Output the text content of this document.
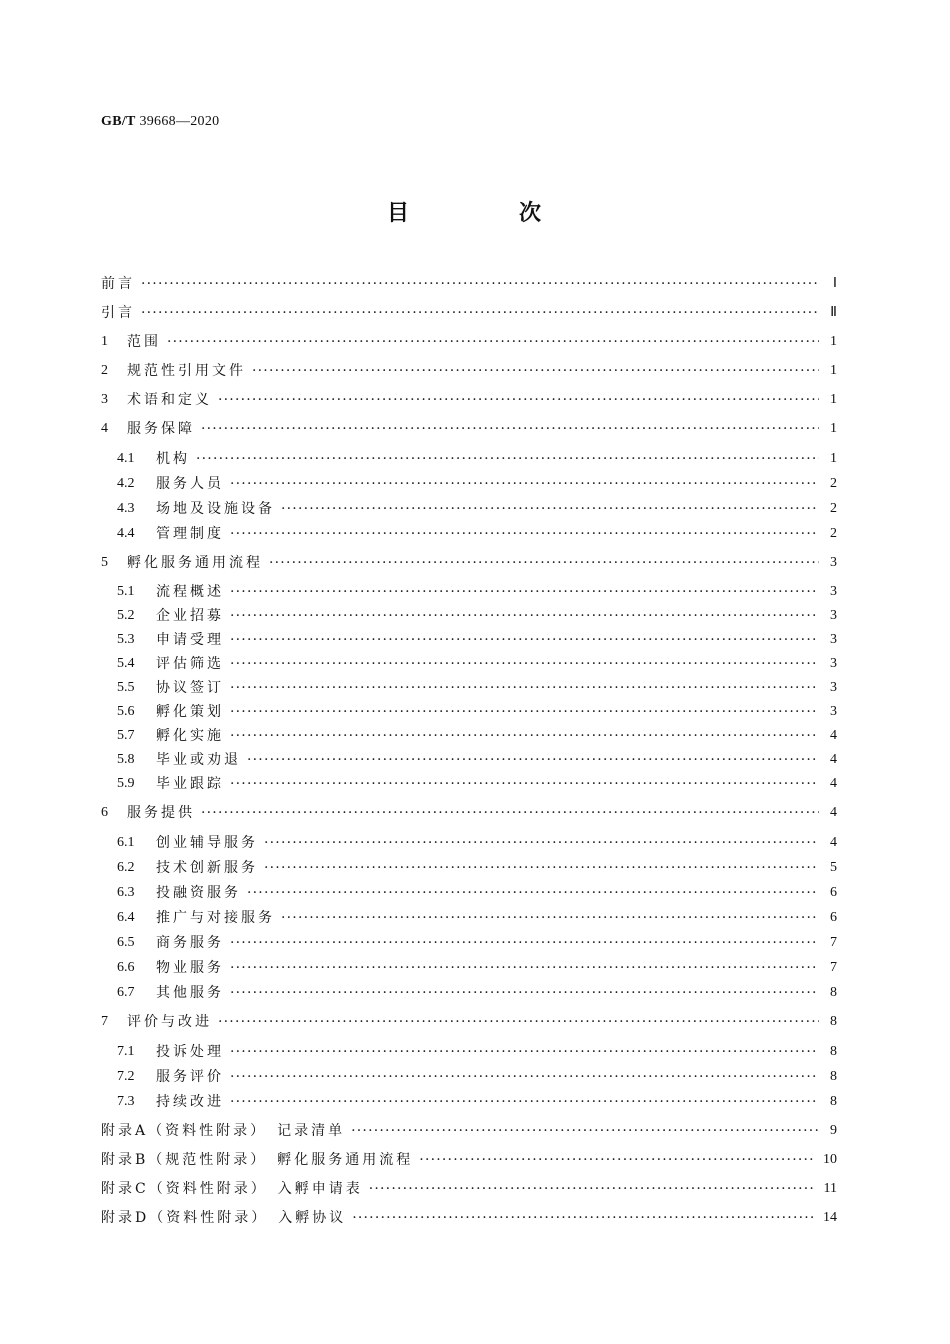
GB/T 39668—2020
目　次
前言 ·····	Ⅰ
引言 ·····	Ⅱ
1	范围 ·····	1
2	规范性引用文件 ·····	1
3	术语和定义 ·····	1
4	服务保障 ·····	1
4.1	机构 ·····	1
4.2	服务人员 ·····	2
4.3	场地及设施设备 ·····	2
4.4	管理制度 ·····	2
5	孵化服务通用流程 ·····	3
5.1	流程概述 ·····	3
5.2	企业招募 ·····	3
5.3	申请受理 ·····	3
5.4	评估筛选 ·····	3
5.5	协议签订 ·····	3
5.6	孵化策划 ·····	3
5.7	孵化实施 ·····	4
5.8	毕业或劝退 ·····	4
5.9	毕业跟踪 ·····	4
6	服务提供 ·····	4
6.1	创业辅导服务 ·····	4
6.2	技术创新服务 ·····	5
6.3	投融资服务 ·····	6
6.4	推广与对接服务 ·····	6
6.5	商务服务 ·····	7
6.6	物业服务 ·····	7
6.7	其他服务 ·····	8
7	评价与改进 ·····	8
7.1	投诉处理 ·····	8
7.2	服务评价 ·····	8
7.3	持续改进 ·····	8
附录A（资料性附录）　记录清单 ·····	9
附录B（规范性附录）　孵化服务通用流程 ·····	10
附录C（资料性附录）　入孵申请表 ·····	11
附录D（资料性附录）　入孵协议 ·····	14
